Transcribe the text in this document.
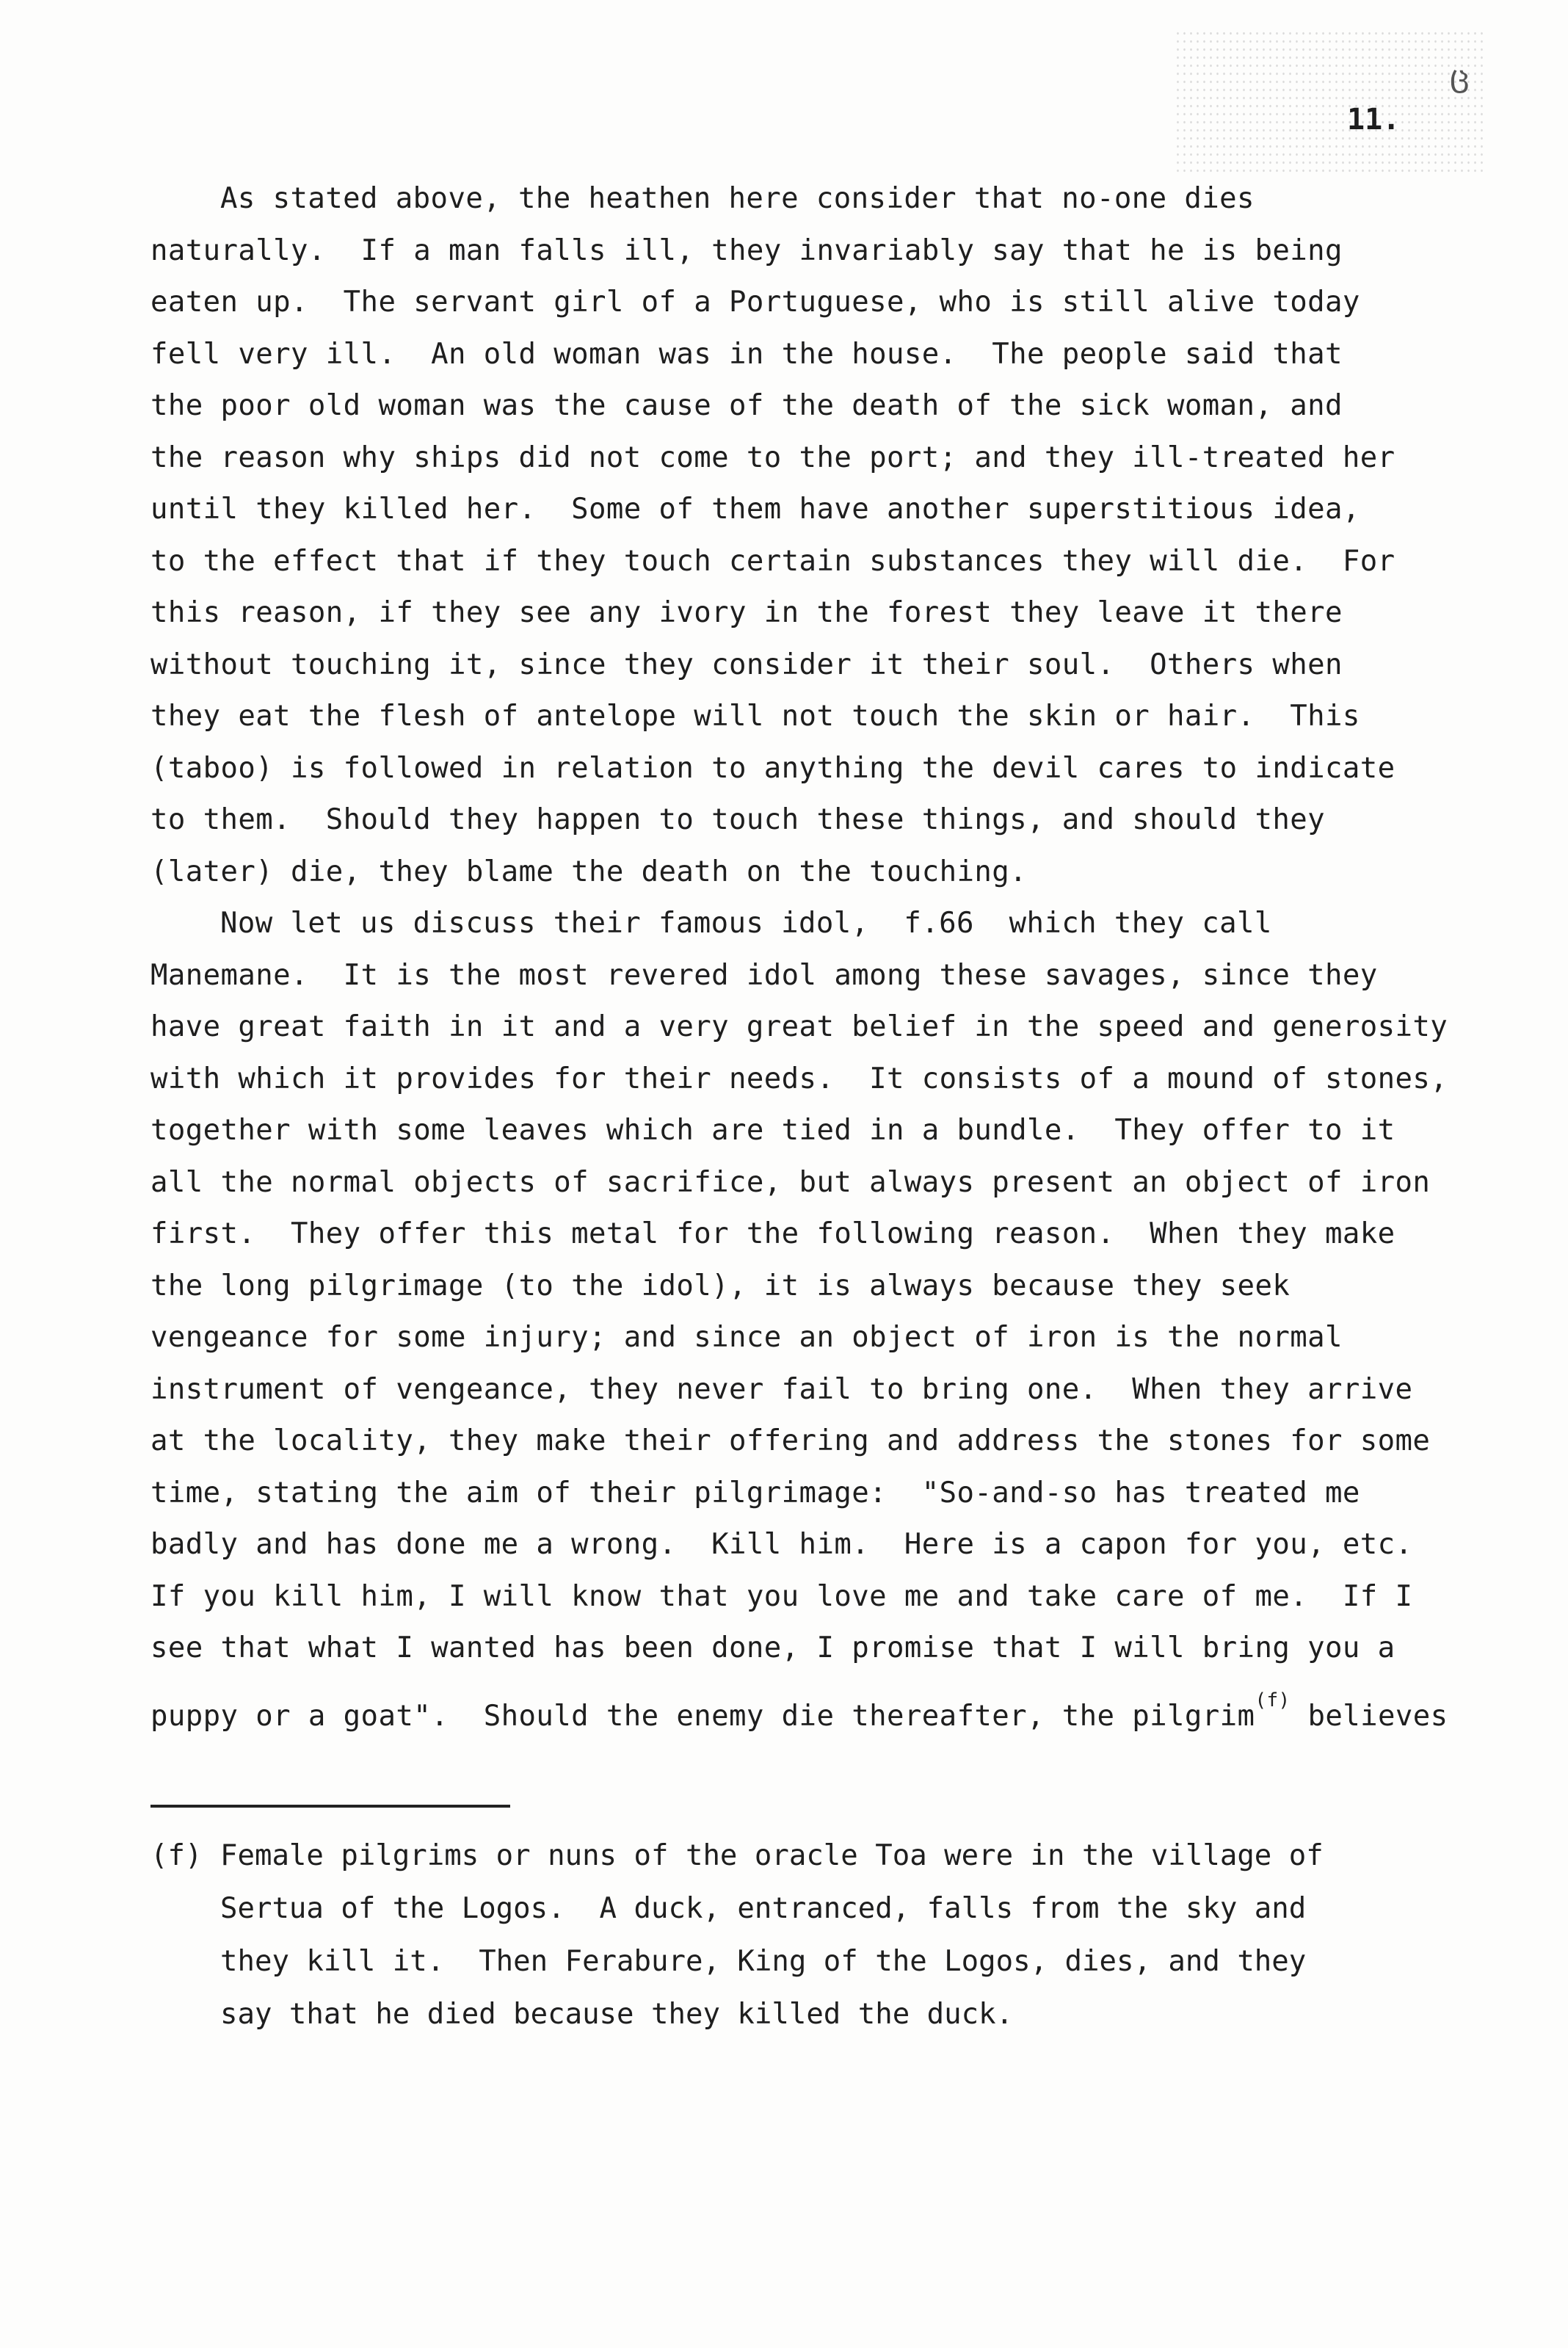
ც
11.
As stated above, the heathen here consider that no-one dies
naturally.  If a man falls ill, they invariably say that he is being
eaten up.  The servant girl of a Portuguese, who is still alive today
fell very ill.  An old woman was in the house.  The people said that
the poor old woman was the cause of the death of the sick woman, and
the reason why ships did not come to the port; and they ill-treated her
until they killed her.  Some of them have another superstitious idea,
to the effect that if they touch certain substances they will die.  For
this reason, if they see any ivory in the forest they leave it there
without touching it, since they consider it their soul.  Others when
they eat the flesh of antelope will not touch the skin or hair.  This
(taboo) is followed in relation to anything the devil cares to indicate
to them.  Should they happen to touch these things, and should they
(later) die, they blame the death on the touching.
Now let us discuss their famous idol,  f.66  which they call
Manemane.  It is the most revered idol among these savages, since they
have great faith in it and a very great belief in the speed and generosity
with which it provides for their needs.  It consists of a mound of stones,
together with some leaves which are tied in a bundle.  They offer to it
all the normal objects of sacrifice, but always present an object of iron
first.  They offer this metal for the following reason.  When they make
the long pilgrimage (to the idol), it is always because they seek
vengeance for some injury; and since an object of iron is the normal
instrument of vengeance, they never fail to bring one.  When they arrive
at the locality, they make their offering and address the stones for some
time, stating the aim of their pilgrimage:  "So-and-so has treated me
badly and has done me a wrong.  Kill him.  Here is a capon for you, etc.
If you kill him, I will know that you love me and take care of me.  If I
see that what I wanted has been done, I promise that I will bring you a
puppy or a goat".  Should the enemy die thereafter, the pilgrim$^{(f)}$ believes
(f) Female pilgrims or nuns of the oracle Toa were in the village of
Sertua of the Logos.  A duck, entranced, falls from the sky and
they kill it.  Then Ferabure, King of the Logos, dies, and they
say that he died because they killed the duck.
